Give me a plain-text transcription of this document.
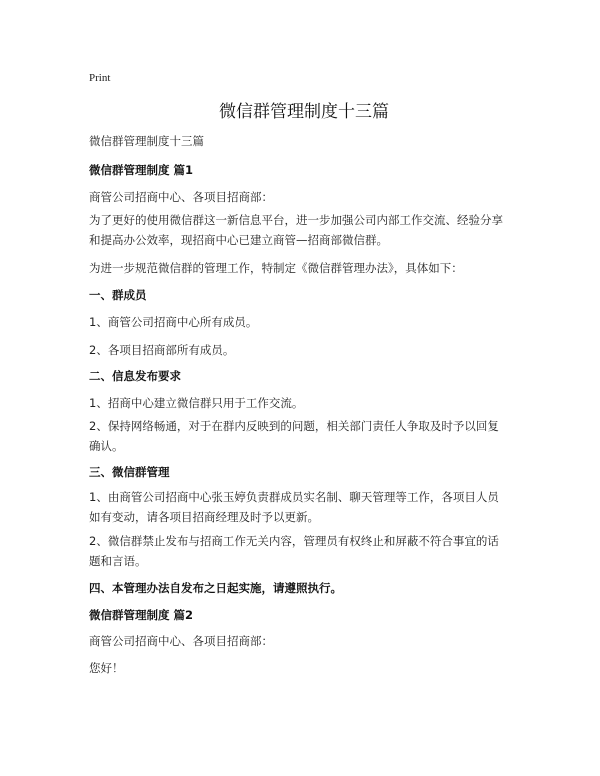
Print
微信群管理制度十三篇
微信群管理制度十三篇
微信群管理制度 篇1
商管公司招商中心、各项目招商部：
为了更好的使用微信群这一新信息平台，进一步加强公司内部工作交流、经验分享
和提高办公效率，现招商中心已建立商管—招商部微信群。
为进一步规范微信群的管理工作，特制定《微信群管理办法》，具体如下：
一、群成员
1、商管公司招商中心所有成员。
2、各项目招商部所有成员。
二、信息发布要求
1、招商中心建立微信群只用于工作交流。
2、保持网络畅通，对于在群内反映到的问题，相关部门责任人争取及时予以回复
确认。
三、微信群管理
1、由商管公司招商中心张玉婷负责群成员实名制、聊天管理等工作，各项目人员
如有变动，请各项目招商经理及时予以更新。
2、微信群禁止发布与招商工作无关内容，管理员有权终止和屏蔽不符合事宜的话
题和言语。
四、本管理办法自发布之日起实施，请遵照执行。
微信群管理制度 篇2
商管公司招商中心、各项目招商部：
您好！
